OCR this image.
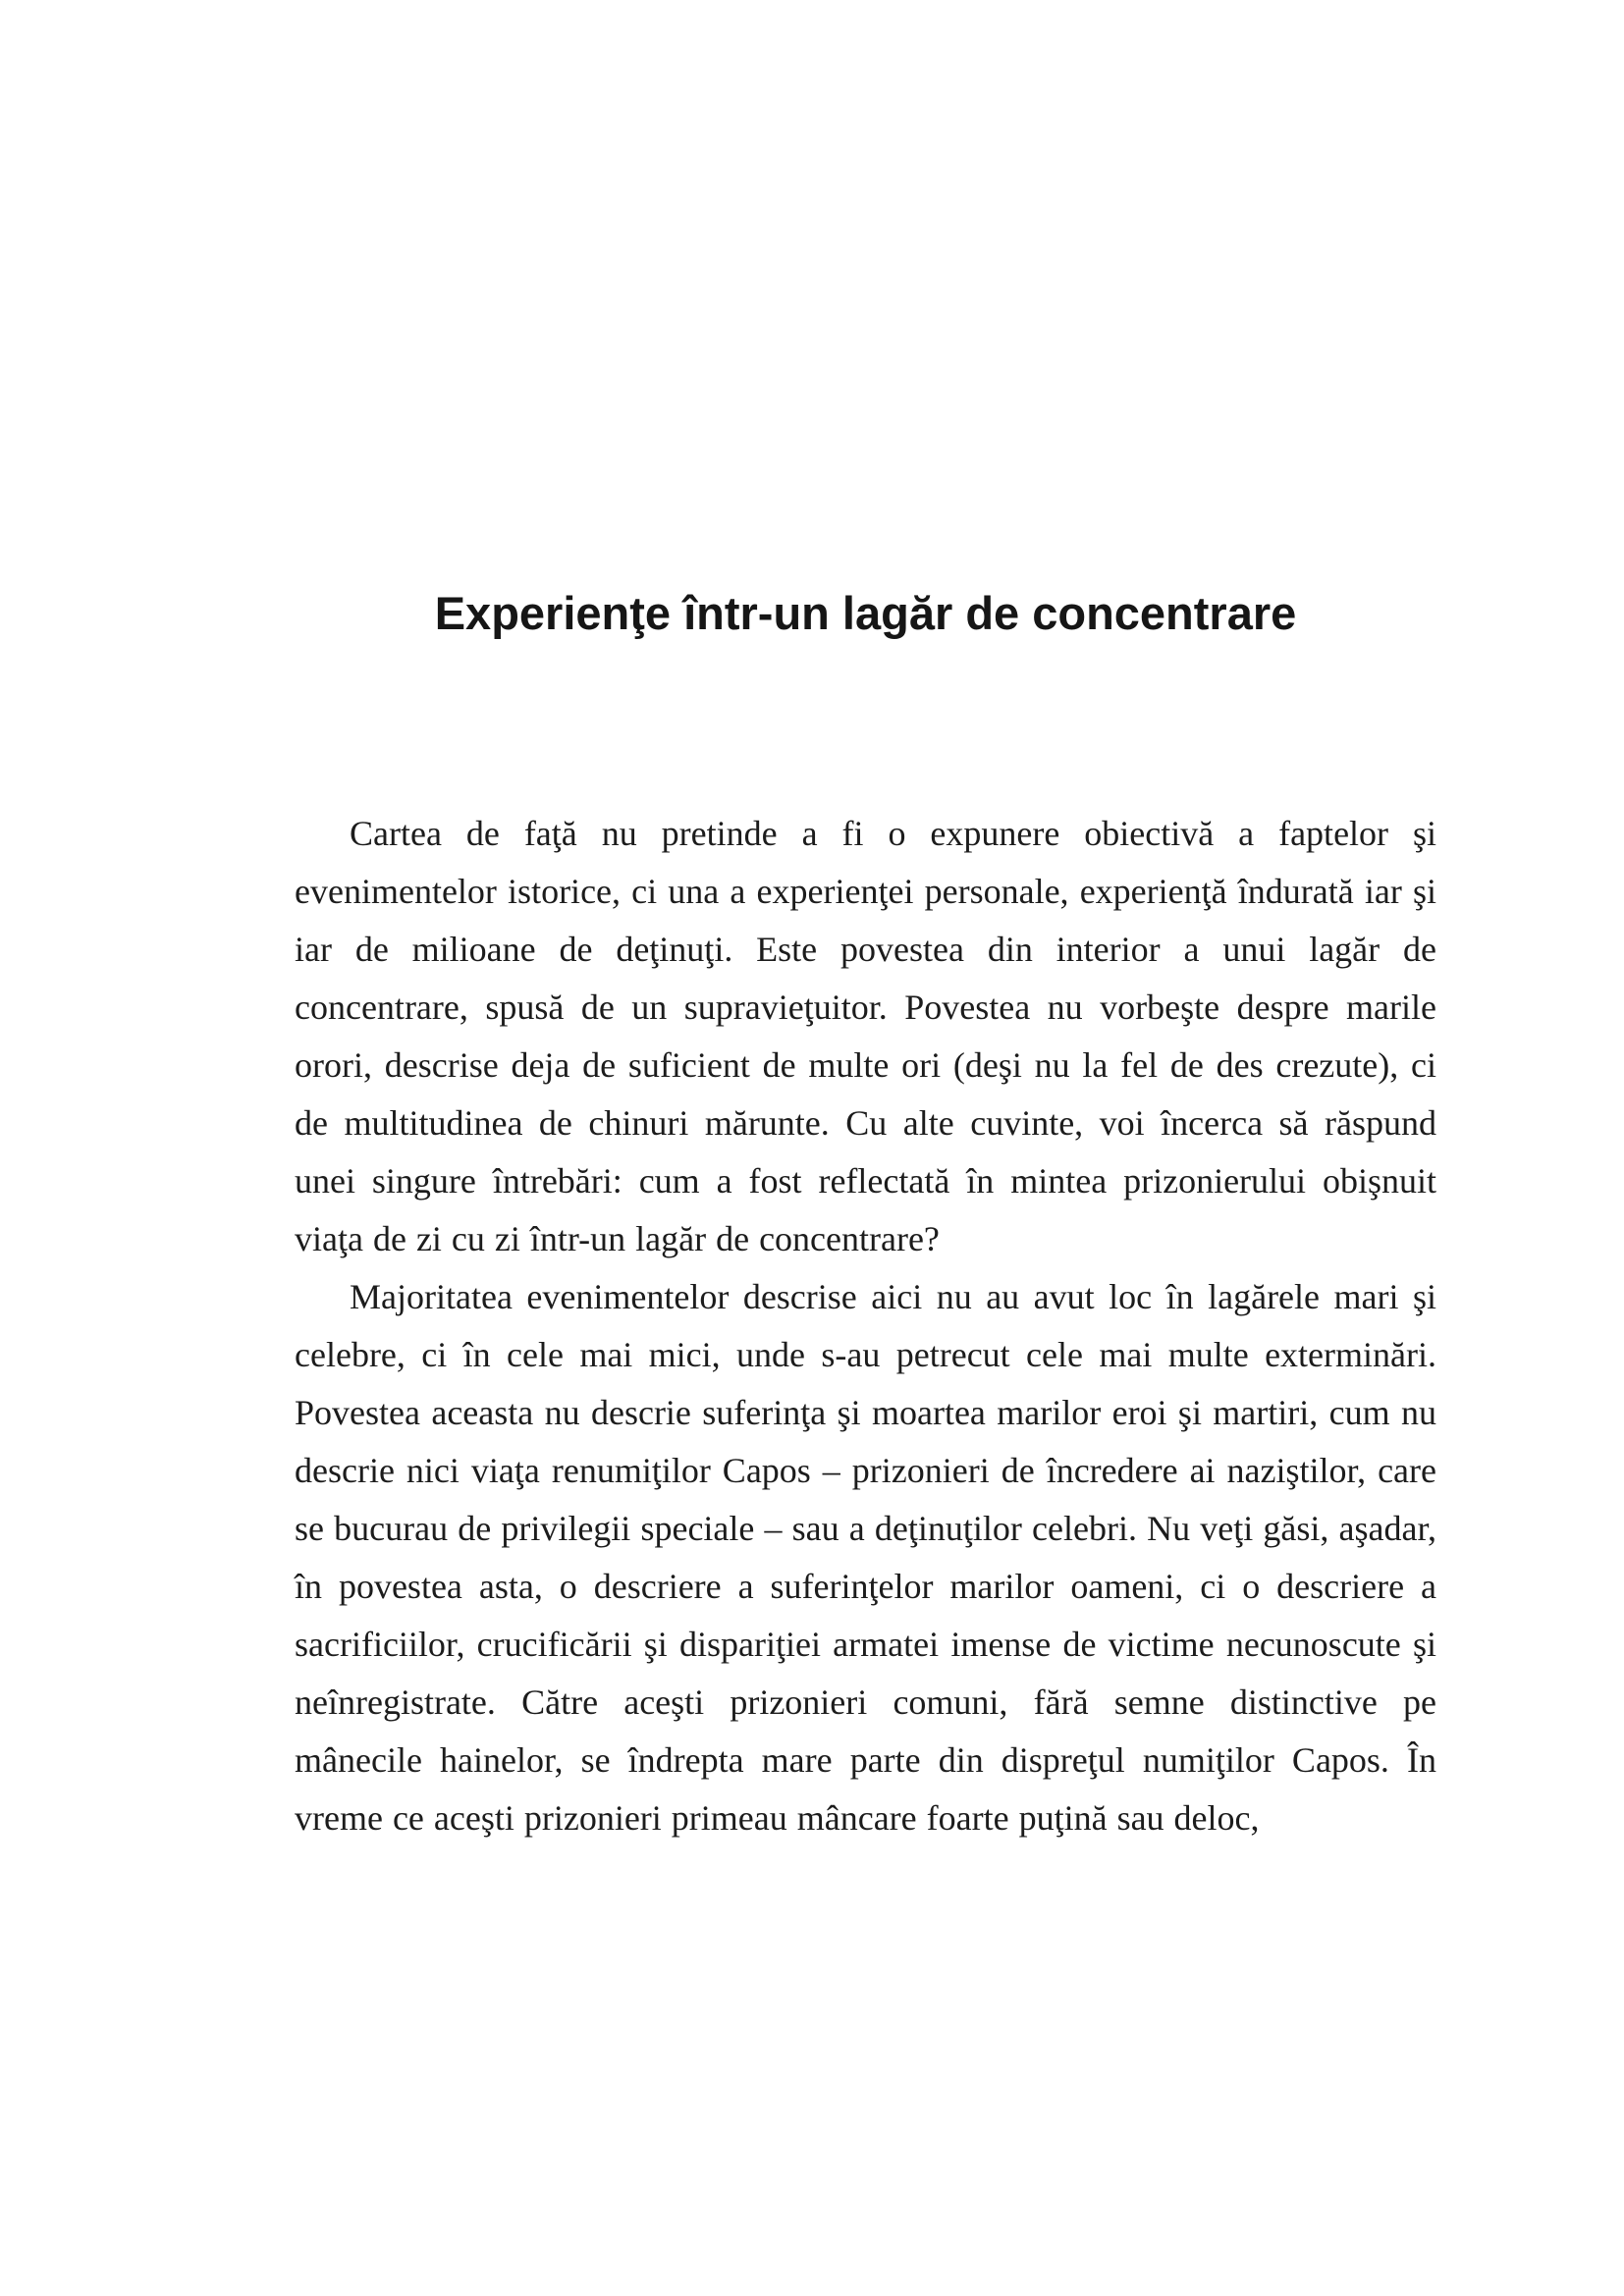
Experienţe într-un lagăr de concentrare

Cartea de faţă nu pretinde a fi o expunere obiectivă a faptelor şi evenimentelor istorice, ci una a experienţei personale, experienţă îndurată iar şi iar de milioane de deţinuţi. Este povestea din interior a unui lagăr de concentrare, spusă de un supravieţuitor. Povestea nu vorbeşte despre marile orori, descrise deja de suficient de multe ori (deşi nu la fel de des crezute), ci de multitudinea de chinuri mărunte. Cu alte cuvinte, voi încerca să răspund unei singure întrebări: cum a fost reflectată în mintea prizonierului obişnuit viaţa de zi cu zi într-un lagăr de concentrare?

Majoritatea evenimentelor descrise aici nu au avut loc în lagărele mari şi celebre, ci în cele mai mici, unde s-au petrecut cele mai multe exterminări. Povestea aceasta nu descrie suferinţa şi moartea marilor eroi şi martiri, cum nu descrie nici viaţa renumiţilor Capos – prizonieri de încredere ai naziştilor, care se bucurau de privilegii speciale – sau a deţinuţilor celebri. Nu veţi găsi, aşadar, în povestea asta, o descriere a suferinţelor marilor oameni, ci o descriere a sacrificiilor, crucificării şi dispariţiei armatei imense de victime necunoscute şi neînregistrate. Către aceşti prizonieri comuni, fără semne distinctive pe mânecile hainelor, se îndrepta mare parte din dispreţul numiţilor Capos. În vreme ce aceşti prizonieri primeau mâncare foarte puţină sau deloc,
